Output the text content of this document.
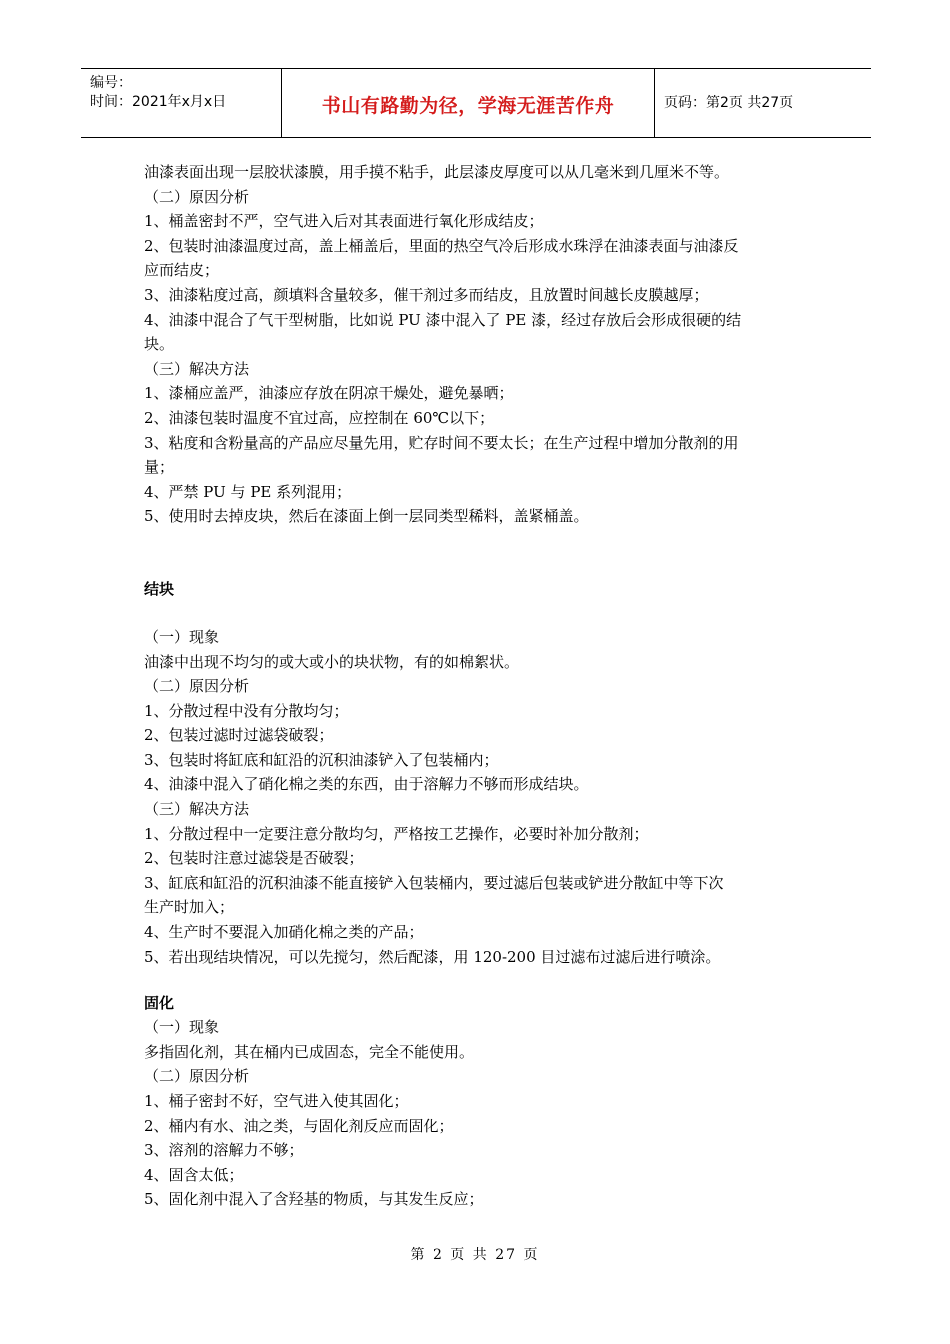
编号：
时间：2021年x月x日	书山有路勤为径，学海无涯苦作舟	页码：第2页 共27页
油漆表面出现一层胶状漆膜，用手摸不粘手，此层漆皮厚度可以从几毫米到几厘米不等。
（二）原因分析
1、桶盖密封不严，空气进入后对其表面进行氧化形成结皮；
2、包装时油漆温度过高，盖上桶盖后，里面的热空气冷后形成水珠浮在油漆表面与油漆反
应而结皮；
3、油漆粘度过高，颜填料含量较多，催干剂过多而结皮，且放置时间越长皮膜越厚；
4、油漆中混合了气干型树脂，比如说 PU 漆中混入了 PE 漆，经过存放后会形成很硬的结
块。
（三）解决方法
1、漆桶应盖严，油漆应存放在阴凉干燥处，避免暴晒；
2、油漆包装时温度不宜过高，应控制在 60℃以下；
3、粘度和含粉量高的产品应尽量先用，贮存时间不要太长；在生产过程中增加分散剂的用
量；
4、严禁 PU 与 PE 系列混用；
5、使用时去掉皮块，然后在漆面上倒一层同类型稀料，盖紧桶盖。
结块
（一）现象
油漆中出现不均匀的或大或小的块状物，有的如棉絮状。
（二）原因分析
1、分散过程中没有分散均匀；
2、包装过滤时过滤袋破裂；
3、包装时将缸底和缸沿的沉积油漆铲入了包装桶内；
4、油漆中混入了硝化棉之类的东西，由于溶解力不够而形成结块。
（三）解决方法
1、分散过程中一定要注意分散均匀，严格按工艺操作，必要时补加分散剂；
2、包装时注意过滤袋是否破裂；
3、缸底和缸沿的沉积油漆不能直接铲入包装桶内，要过滤后包装或铲进分散缸中等下次
生产时加入；
4、生产时不要混入加硝化棉之类的产品；
5、若出现结块情况，可以先搅匀，然后配漆，用 120-200 目过滤布过滤后进行喷涂。
固化
（一）现象
多指固化剂，其在桶内已成固态，完全不能使用。
（二）原因分析
1、桶子密封不好，空气进入使其固化；
2、桶内有水、油之类，与固化剂反应而固化；
3、溶剂的溶解力不够；
4、固含太低；
5、固化剂中混入了含羟基的物质，与其发生反应；
第 2 页 共 27 页
